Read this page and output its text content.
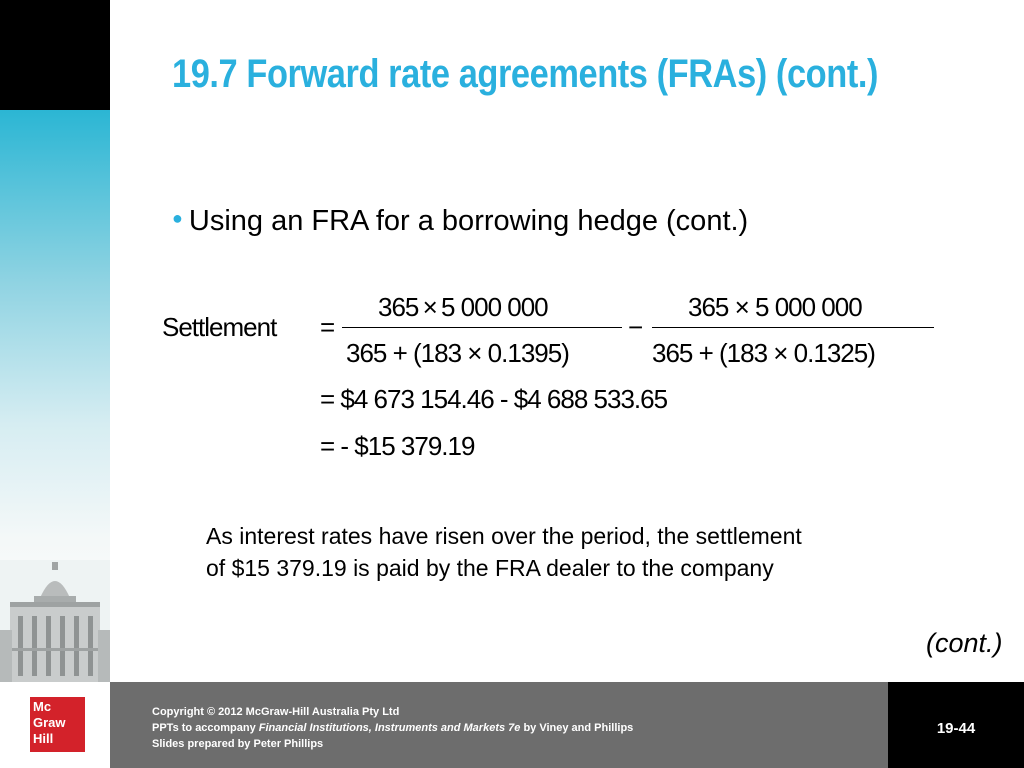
19.7 Forward rate agreements (FRAs) (cont.)
● Using an FRA for a borrowing hedge (cont.)
Settlement =
365 × 5 000 000
365 + (183 × 0.1395)
−
365 × 5 000 000
365 + (183 × 0.1325)
= $4 673 154.46 - $4 688 533.65
= - $15 379.19
As interest rates have risen over the period, the settlement
of $15 379.19 is paid by the FRA dealer to the company
(cont.)
Mc
Graw
Hill
Copyright © 2012 McGraw-Hill Australia Pty Ltd
PPTs to accompany Financial Institutions, Instruments and Markets 7e by Viney and Phillips
Slides prepared by Peter Phillips
19-44
